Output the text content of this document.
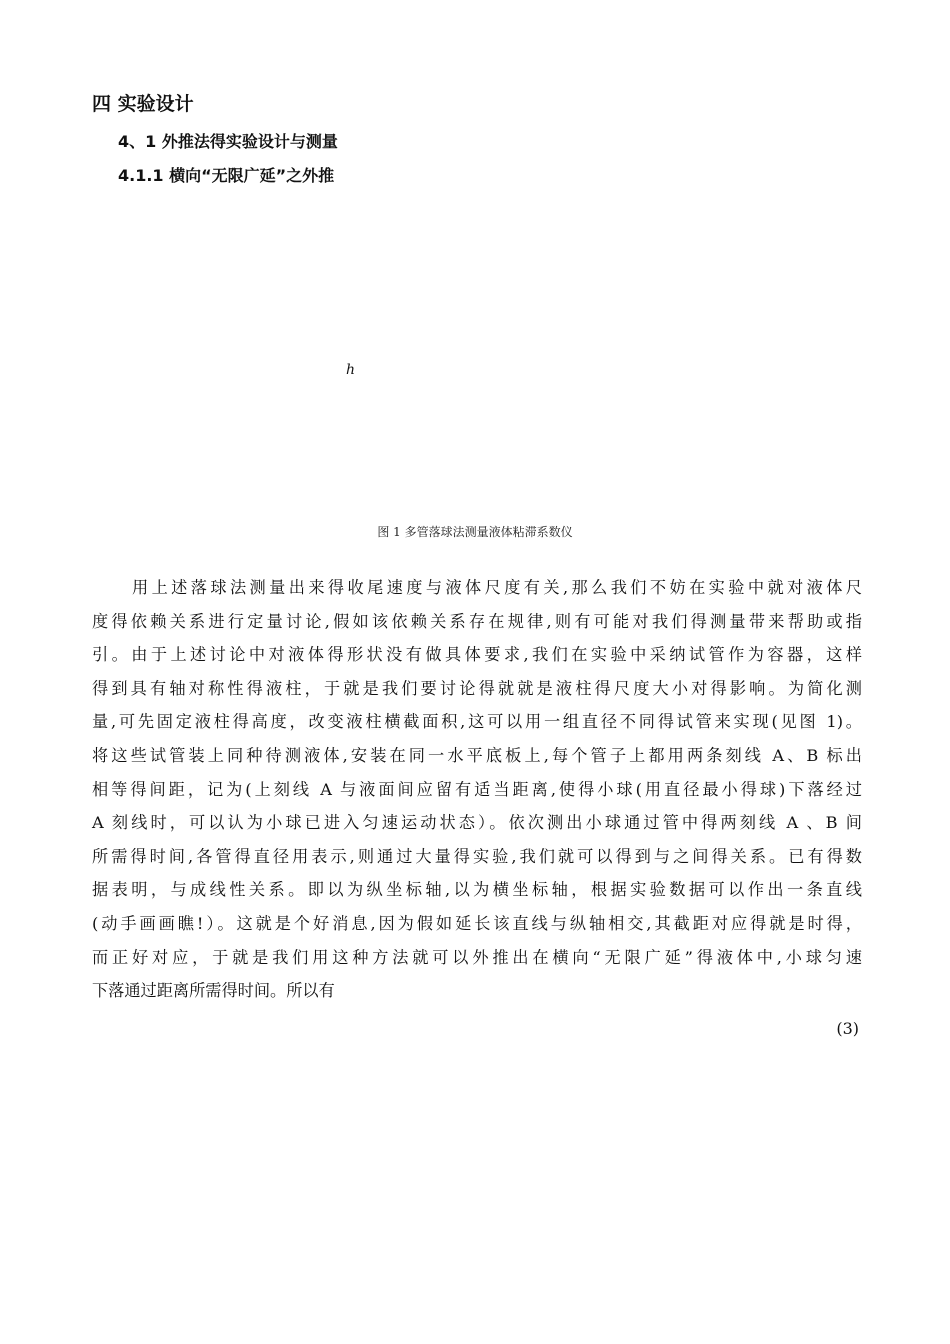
四 实验设计
4、1 外推法得实验设计与测量
4.1.1 横向“无限广延”之外推
h
图 1 多管落球法测量液体粘滞系数仪
用上述落球法测量出来得收尾速度与液体尺度有关,那么我们不妨在实验中就对液体尺
度得依赖关系进行定量讨论,假如该依赖关系存在规律,则有可能对我们得测量带来帮助或指
引。由于上述讨论中对液体得形状没有做具体要求,我们在实验中采纳试管作为容器，这样
得到具有轴对称性得液柱，于就是我们要讨论得就就是液柱得尺度大小对得影响。为简化测
量,可先固定液柱得高度，改变液柱横截面积,这可以用一组直径不同得试管来实现(见图 1)。
将这些试管装上同种待测液体,安装在同一水平底板上,每个管子上都用两条刻线 A、B 标出
相等得间距，记为(上刻线 A 与液面间应留有适当距离,使得小球(用直径最小得球)下落经过
A 刻线时，可以认为小球已进入匀速运动状态）。依次测出小球通过管中得两刻线 A 、B 间
所需得时间,各管得直径用表示,则通过大量得实验,我们就可以得到与之间得关系。已有得数
据表明，与成线性关系。即以为纵坐标轴,以为横坐标轴，根据实验数据可以作出一条直线
(动手画画瞧!）。这就是个好消息,因为假如延长该直线与纵轴相交,其截距对应得就是时得，
而正好对应，于就是我们用这种方法就可以外推出在横向“无限广延”得液体中,小球匀速
下落通过距离所需得时间。所以有
(3)
